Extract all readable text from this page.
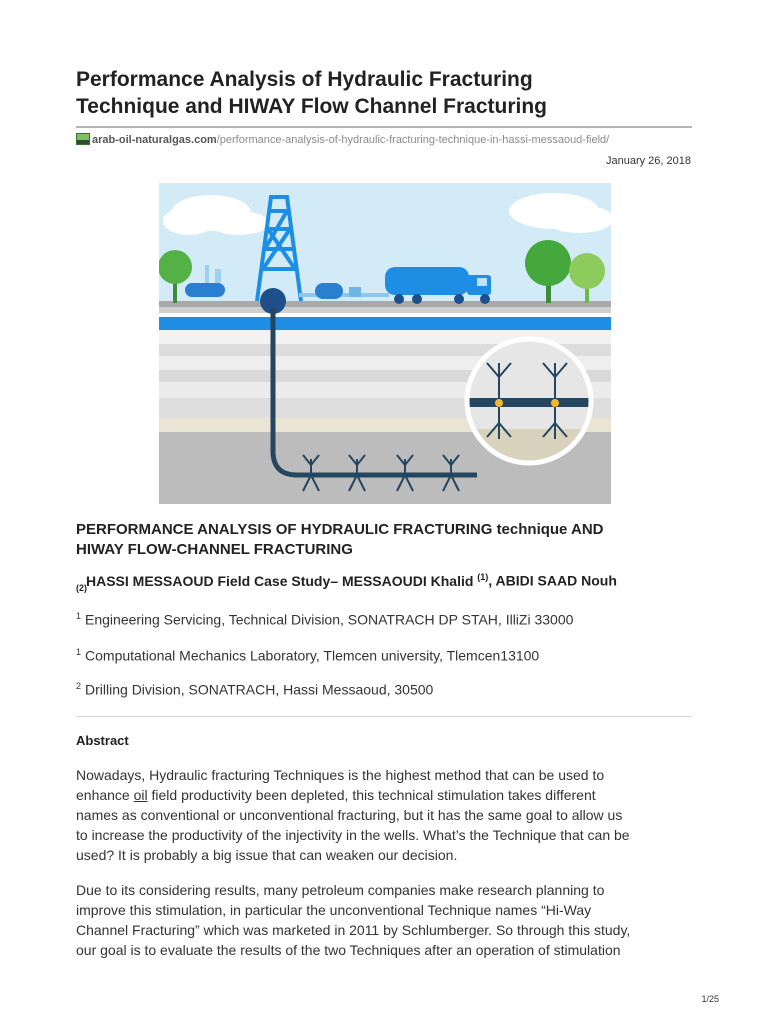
Performance Analysis of Hydraulic Fracturing
Technique and HIWAY Flow Channel Fracturing
arab-oil-naturalgas.com/performance-analysis-of-hydraulic-fracturing-technique-in-hassi-messaoud-field/
January 26, 2018
PERFORMANCE ANALYSIS OF HYDRAULIC FRACTURING technique AND
HIWAY FLOW-CHANNEL FRACTURING
(2) HASSI MESSAOUD Field Case Study– MESSAOUDI Khalid $^{(1)}$, ABIDI SAAD Nouh
$^1$ Engineering Servicing, Technical Division, SONATRACH DP STAH, IlliZi 33000
$^1$ Computational Mechanics Laboratory, Tlemcen university, Tlemcen13100
$^2$ Drilling Division, SONATRACH, Hassi Messaoud, 30500
Abstract

Nowadays, Hydraulic fracturing Techniques is the highest method that can be used to
enhance oil field productivity been depleted, this technical stimulation takes different
names as conventional or unconventional fracturing, but it has the same goal to allow us
to increase the productivity of the injectivity in the wells. What’s the Technique that can be
used? It is probably a big issue that can weaken our decision.

Due to its considering results, many petroleum companies make research planning to
improve this stimulation, in particular the unconventional Technique names “Hi-Way
Channel Fracturing” which was marketed in 2011 by Schlumberger. So through this study,
our goal is to evaluate the results of the two Techniques after an operation of stimulation

1/25
